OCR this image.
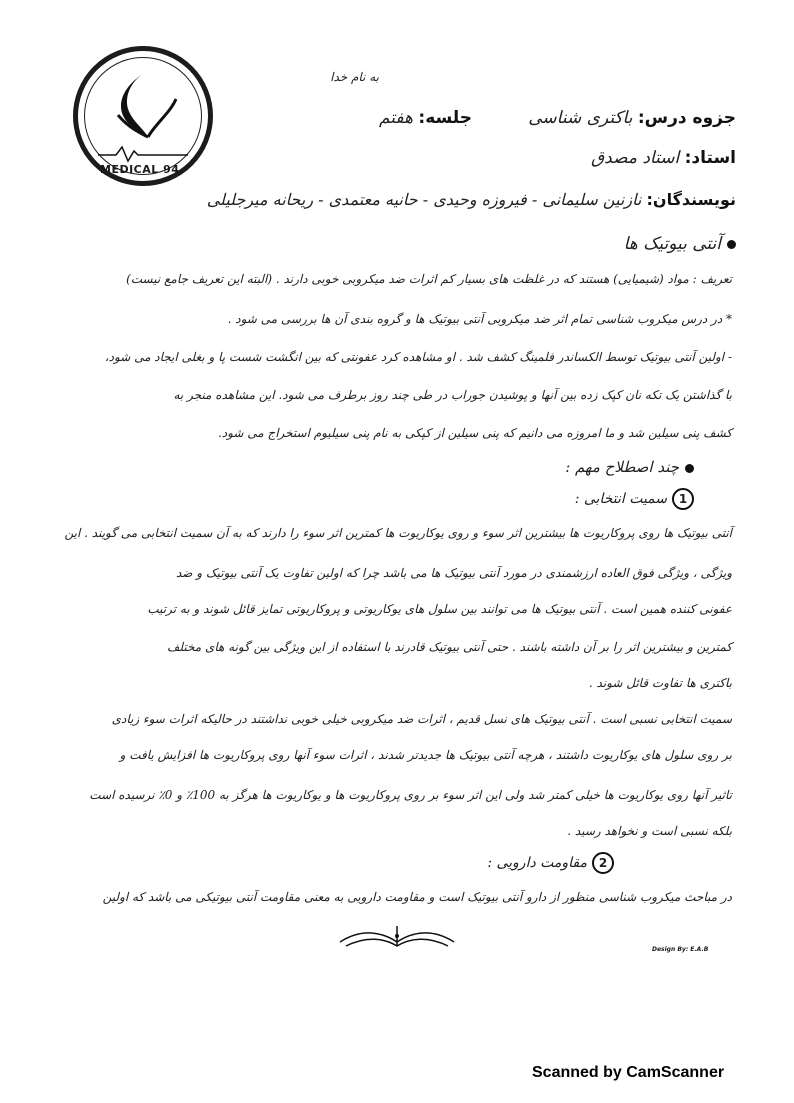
MEDICAL 94
به نام خدا
جزوه درس: باکتری شناسی
جلسه: هفتم
استاد: استاد مصدق
نویسندگان: نازنین سلیمانی - فیروزه وحیدی - حانیه معتمدی - ریحانه میرجلیلی
آنتی بیوتیک ها
تعریف : مواد (شیمیایی) هستند که در غلظت های بسیار کم اثرات ضد میکروبی خوبی دارند . (البته این تعریف جامع نیست)
* در درس میکروب شناسی تمام اثر ضد میکروبی آنتی بیوتیک ها و گروه بندی آن ها بررسی می شود .
- اولین آنتی بیوتیک توسط الکساندر فلمینگ کشف شد . او مشاهده کرد عفونتی که بین انگشت شست پا و بغلی ایجاد می شود،
با گذاشتن یک تکه نان کپک زده بین آنها و پوشیدن جوراب در طی چند روز برطرف می شود. این مشاهده منجر به
کشف پنی سیلین شد و ما امروزه می دانیم که پنی سیلین از کپکی به نام پنی سیلیوم استخراج می شود.
چند اصطلاح مهم :
1سمیت انتخابی :
آنتی بیوتیک ها روی پروکاریوت ها بیشترین اثر سوء و روی یوکاریوت ها کمترین اثر سوء را دارند که به آن سمیت انتخابی می گویند . این
ویژگی ، ویژگی فوق العاده ارزشمندی در مورد آنتی بیوتیک ها می باشد چرا که اولین تفاوت یک آنتی بیوتیک و ضد
عفونی کننده همین است . آنتی بیوتیک ها می توانند بین سلول های یوکاریوتی و پروکاریوتی تمایز قائل شوند و به ترتیب
کمترین و بیشترین اثر را بر آن داشته باشند . حتی آنتی بیوتیک قادرند با استفاده از این ویژگی بین گونه های مختلف
باکتری ها تفاوت قائل شوند .
سمیت انتخابی نسبی است . آنتی بیوتیک های نسل قدیم ، اثرات ضد میکروبی خیلی خوبی نداشتند در حالیکه اثرات سوء زیادی
بر روی سلول های یوکاریوت داشتند ، هرچه آنتی بیوتیک ها جدیدتر شدند ، اثرات سوء آنها روی پروکاریوت ها افزایش یافت و
تاثیر آنها روی یوکاریوت ها خیلی کمتر شد ولی این اثر سوء بر روی پروکاریوت ها و یوکاریوت ها هرگز به 100٪ و 0٪ نرسیده است
بلکه نسبی است و نخواهد رسید .
2مقاومت دارویی :
در مباحث میکروب شناسی منظور از دارو آنتی بیوتیک است و مقاومت دارویی به معنی مقاومت آنتی بیوتیکی می باشد که اولین
Design By: E.A.B
Scanned by CamScanner
